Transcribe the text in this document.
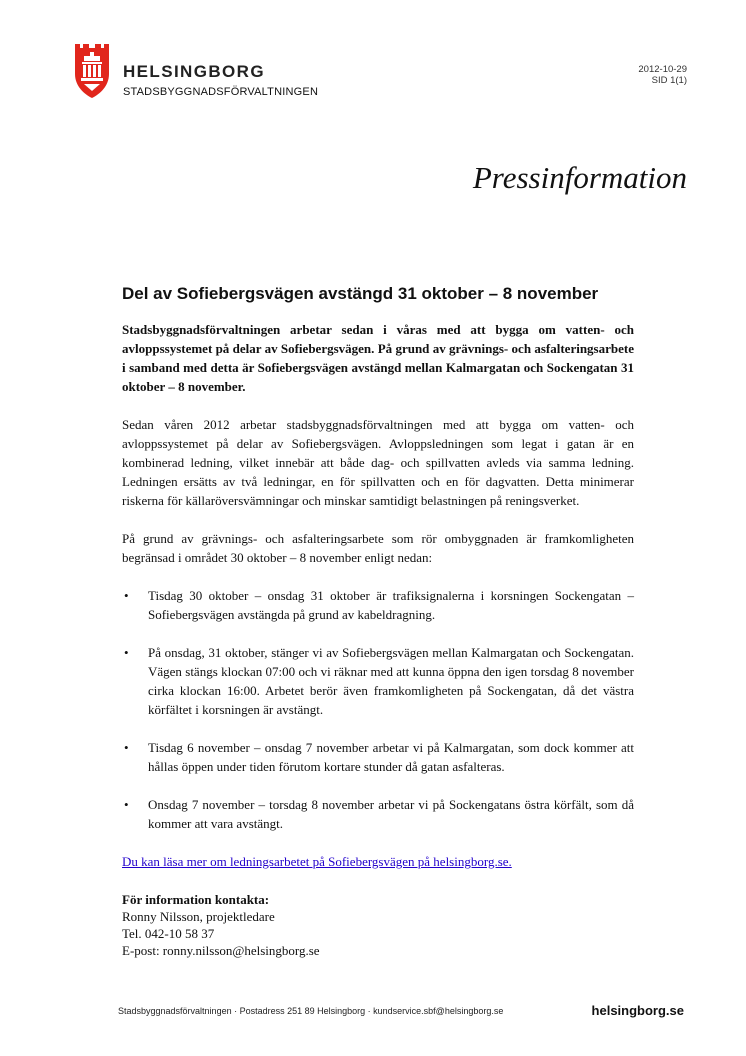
HELSINGBORG
STADSBYGGNADSFÖRVALTNINGEN
2012-10-29
SID 1(1)
Pressinformation
Del av Sofiebergsvägen avstängd 31 oktober – 8 november

Stadsbyggnadsförvaltningen arbetar sedan i våras med att bygga om vatten- och avloppssystemet på delar av Sofiebergsvägen. På grund av grävnings- och asfalteringsarbete i samband med detta är Sofiebergsvägen avstängd mellan Kalmargatan och Sockengatan 31 oktober – 8 november.

Sedan våren 2012 arbetar stadsbyggnadsförvaltningen med att bygga om vatten- och avloppssystemet på delar av Sofiebergsvägen. Avloppsledningen som legat i gatan är en kombinerad ledning, vilket innebär att både dag- och spillvatten avleds via samma ledning. Ledningen ersätts av två ledningar, en för spillvatten och en för dagvatten. Detta minimerar riskerna för källaröversvämningar och minskar samtidigt belastningen på reningsverket.

På grund av grävnings- och asfalteringsarbete som rör ombyggnaden är framkomligheten begränsad i området 30 oktober – 8 november enligt nedan:

• Tisdag 30 oktober – onsdag 31 oktober är trafiksignalerna i korsningen Sockengatan – Sofiebergsvägen avstängda på grund av kabeldragning.
• På onsdag, 31 oktober, stänger vi av Sofiebergsvägen mellan Kalmargatan och Sockengatan. Vägen stängs klockan 07:00 och vi räknar med att kunna öppna den igen torsdag 8 november cirka klockan 16:00. Arbetet berör även framkomligheten på Sockengatan, då det västra körfältet i korsningen är avstängt.
• Tisdag 6 november – onsdag 7 november arbetar vi på Kalmargatan, som dock kommer att hållas öppen under tiden förutom kortare stunder då gatan asfalteras.
• Onsdag 7 november – torsdag 8 november arbetar vi på Sockengatans östra körfält, som då kommer att vara avstängt.

Du kan läsa mer om ledningsarbetet på Sofiebergsvägen på helsingborg.se.

För information kontakta:
Ronny Nilsson, projektledare
Tel. 042-10 58 37
E-post: ronny.nilsson@helsingborg.se
Stadsbyggnadsförvaltningen · Postadress 251 89 Helsingborg · kundservice.sbf@helsingborg.se	helsingborg.se
